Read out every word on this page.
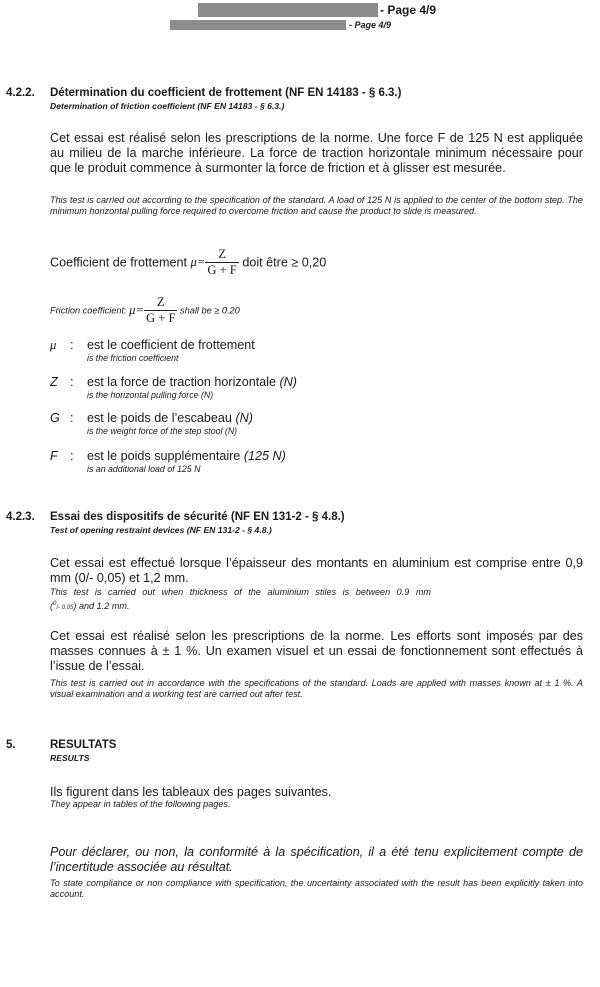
- Page 4/9
- Page 4/9
4.2.2. Détermination du coefficient de frottement (NF EN 14183 - § 6.3.)
Determination of friction coefficient (NF EN 14183 - § 6.3.)
Cet essai est réalisé selon les prescriptions de la norme. Une force F de 125 N est appliquée au milieu de la marche inférieure. La force de traction horizontale minimum nécessaire pour que le produit commence à surmonter la force de friction et à glisser est mesurée.
This test is carried out according to the specification of the standard. A load of 125 N is applied to the center of the bottom step. The minimum horizontal pulling force required to overcome friction and cause the product to slide is measured.
Coefficient de frottement $\mu= \frac{Z}{G + F}$ doit être ≥ 0,20
Friction coefficient: $\mu= \frac{Z}{G + F}$ shall be ≥ 0.20
μ : est le coefficient de frottement
is the friction coefficient
Z : est la force de traction horizontale (N)
is the horizontal pulling force (N)
G : est le poids de l’escabeau (N)
is the weight force of the step stool (N)
F : est le poids supplémentaire (125 N)
is an additional load of 125 N
4.2.3. Essai des dispositifs de sécurité (NF EN 131-2 - § 4.8.)
Test of opening restraint devices (NF EN 131-2 - § 4.8.)
Cet essai est effectué lorsque l’épaisseur des montants en aluminium est comprise entre 0,9 mm (0/- 0,05) et 1,2 mm.
This test is carried out when thickness of the aluminium stiles is between 0.9 mm
($^0$/- 0.05) and 1.2 mm.
Cet essai est réalisé selon les prescriptions de la norme. Les efforts sont imposés par des masses connues à ± 1 %. Un examen visuel et un essai de fonctionnement sont effectués à l’issue de l’essai.
This test is carried out in accordance with the specifications of the standard. Loads are applied with masses known at ± 1 %. A visual examination and a working test are carried out after test.
5.	RESULTATS
RESULTS
Ils figurent dans les tableaux des pages suivantes.
They appear in tables of the following pages.
Pour déclarer, ou non, la conformité à la spécification, il a été tenu explicitement compte de l’incertitude associée au résultat.
To state compliance or non compliance with specification, the uncertainty associated with the result has been explicitly taken into account.
